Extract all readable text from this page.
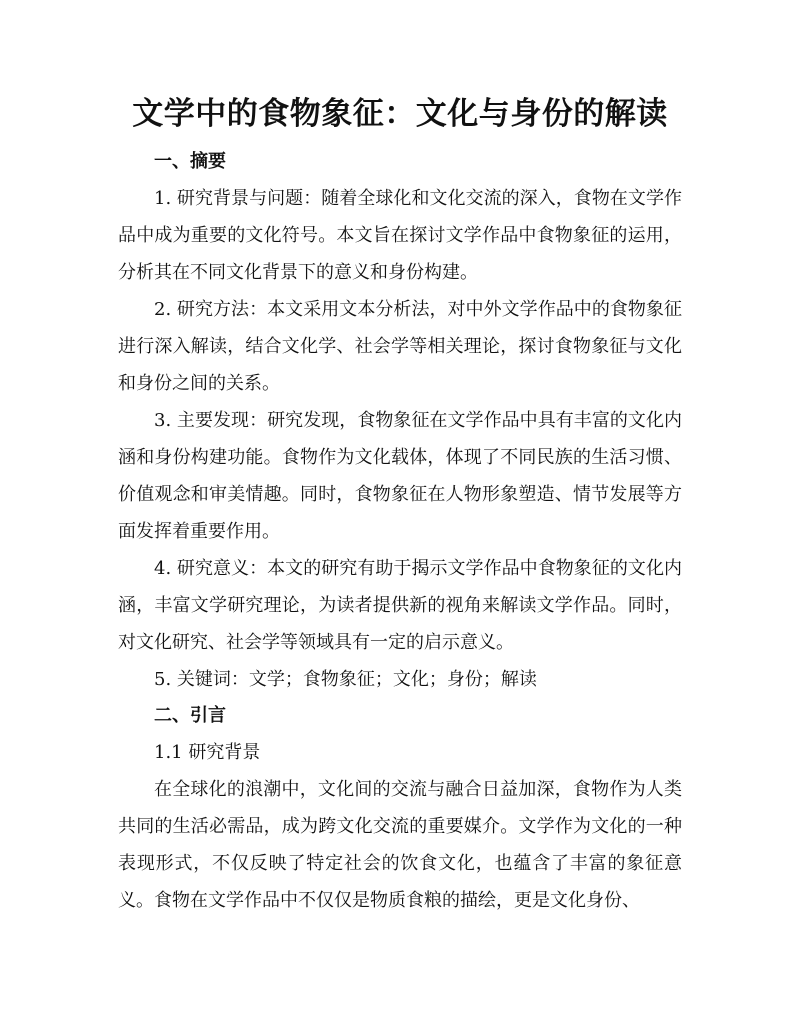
文学中的食物象征：文化与身份的解读
一、摘要

1. 研究背景与问题：随着全球化和文化交流的深入，食物在文学作品中成为重要的文化符号。本文旨在探讨文学作品中食物象征的运用，分析其在不同文化背景下的意义和身份构建。

2. 研究方法：本文采用文本分析法，对中外文学作品中的食物象征进行深入解读，结合文化学、社会学等相关理论，探讨食物象征与文化和身份之间的关系。

3. 主要发现：研究发现，食物象征在文学作品中具有丰富的文化内涵和身份构建功能。食物作为文化载体，体现了不同民族的生活习惯、价值观念和审美情趣。同时，食物象征在人物形象塑造、情节发展等方面发挥着重要作用。

4. 研究意义：本文的研究有助于揭示文学作品中食物象征的文化内涵，丰富文学研究理论，为读者提供新的视角来解读文学作品。同时，对文化研究、社会学等领域具有一定的启示意义。

5. 关键词：文学；食物象征；文化；身份；解读

二、引言

1.1 研究背景

在全球化的浪潮中，文化间的交流与融合日益加深，食物作为人类共同的生活必需品，成为跨文化交流的重要媒介。文学作为文化的一种表现形式，不仅反映了特定社会的饮食文化，也蕴含了丰富的象征意义。食物在文学作品中不仅仅是物质食粮的描绘，更是文化身份、
